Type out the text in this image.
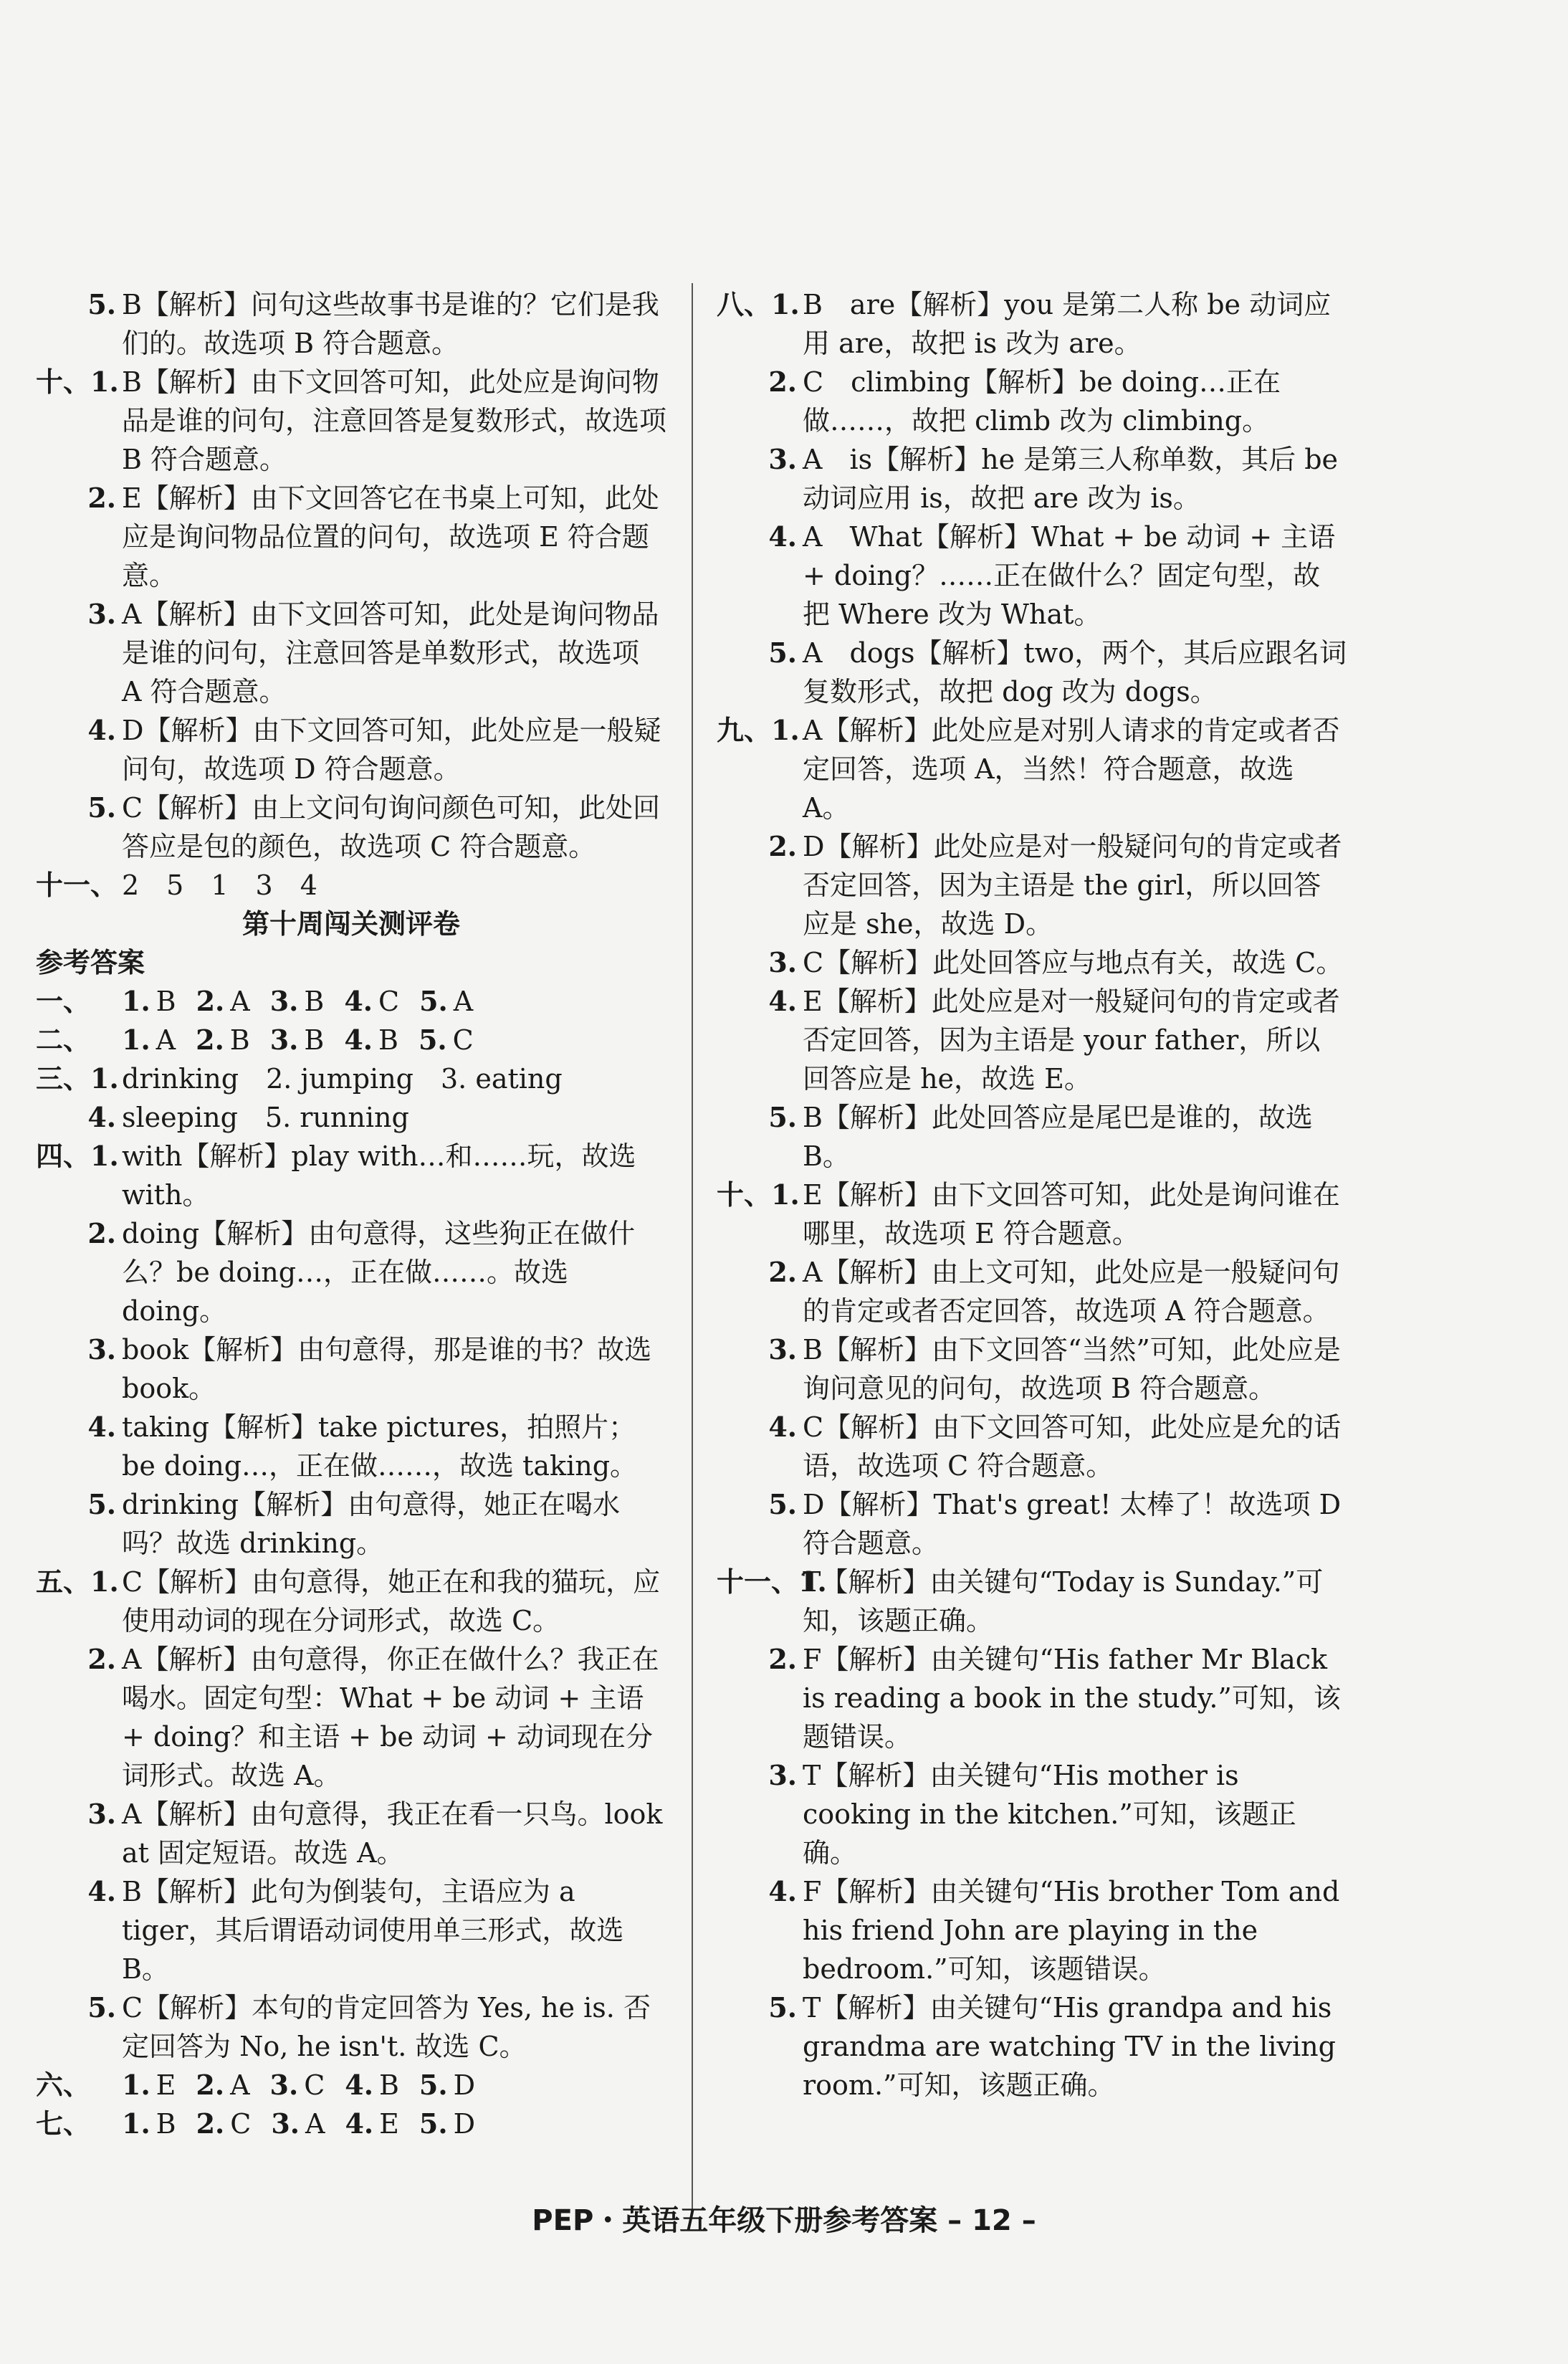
5. B【解析】问句这些故事书是谁的？它们是我们的。故选项 B 符合题意。
十、1. B【解析】由下文回答可知，此处应是询问物品是谁的问句，注意回答是复数形式，故选项 B 符合题意。
2. E【解析】由下文回答它在书桌上可知，此处应是询问物品位置的问句，故选项 E 符合题意。
3. A【解析】由下文回答可知，此处是询问物品是谁的问句，注意回答是单数形式，故选项 A 符合题意。
4. D【解析】由下文回答可知，此处应是一般疑问句，故选项 D 符合题意。
5. C【解析】由上文问句询问颜色可知，此处回答应是包的颜色，故选项 C 符合题意。
十一、 2　5　1　3　4
第十周闯关测评卷
参考答案
一、	1. B 2. A 3. B 4. C 5. A
二、	1. A 2. B 3. B 4. B 5. C
三、1. drinking　2. jumping　3. eating
4. sleeping　5. running
四、1. with【解析】play with…和……玩，故选 with。
2. doing【解析】由句意得，这些狗正在做什么？be doing…，正在做……。故选 doing。
3. book【解析】由句意得，那是谁的书？故选 book。
4. taking【解析】take pictures，拍照片；be doing…，正在做……，故选 taking。
5. drinking【解析】由句意得，她正在喝水吗？故选 drinking。
五、1. C【解析】由句意得，她正在和我的猫玩，应使用动词的现在分词形式，故选 C。
2. A【解析】由句意得，你正在做什么？我正在喝水。固定句型：What + be 动词 + 主语 + doing？和主语 + be 动词 + 动词现在分词形式。故选 A。
3. A【解析】由句意得，我正在看一只鸟。look at 固定短语。故选 A。
4. B【解析】此句为倒装句，主语应为 a tiger，其后谓语动词使用单三形式，故选 B。
5. C【解析】本句的肯定回答为 Yes, he is. 否定回答为 No, he isn't. 故选 C。
六、	1. E 2. A 3. C 4. B 5. D
七、	1. B 2. C 3. A 4. E 5. D
八、1. B　are【解析】you 是第二人称 be 动词应用 are，故把 is 改为 are。
2. C　climbing【解析】be doing…正在做……，故把 climb 改为 climbing。
3. A　is【解析】he 是第三人称单数，其后 be 动词应用 is，故把 are 改为 is。
4. A　What【解析】What + be 动词 + 主语 + doing？……正在做什么？固定句型，故把 Where 改为 What。
5. A　dogs【解析】two，两个，其后应跟名词复数形式，故把 dog 改为 dogs。
九、1. A【解析】此处应是对别人请求的肯定或者否定回答，选项 A，当然！符合题意，故选 A。
2. D【解析】此处应是对一般疑问句的肯定或者否定回答，因为主语是 the girl，所以回答应是 she，故选 D。
3. C【解析】此处回答应与地点有关，故选 C。
4. E【解析】此处应是对一般疑问句的肯定或者否定回答，因为主语是 your father，所以回答应是 he，故选 E。
5. B【解析】此处回答应是尾巴是谁的，故选 B。
十、1. E【解析】由下文回答可知，此处是询问谁在哪里，故选项 E 符合题意。
2. A【解析】由上文可知，此处应是一般疑问句的肯定或者否定回答，故选项 A 符合题意。
3. B【解析】由下文回答“当然”可知，此处应是询问意见的问句，故选项 B 符合题意。
4. C【解析】由下文回答可知，此处应是允的话语，故选项 C 符合题意。
5. D【解析】That's great! 太棒了！故选项 D 符合题意。
十一、1.
T【解析】由关键句“Today is Sunday.”可知，该题正确。
2. F【解析】由关键句“His father Mr Black is reading a book in the study.”可知，该题错误。
3. T【解析】由关键句“His mother is cooking in the kitchen.”可知，该题正确。
4. F【解析】由关键句“His brother Tom and his friend John are playing in the bedroom.”可知，该题错误。
5. T【解析】由关键句“His grandpa and his grandma are watching TV in the living room.”可知，该题正确。
PEP・英语五年级下册参考答案 – 12 –
